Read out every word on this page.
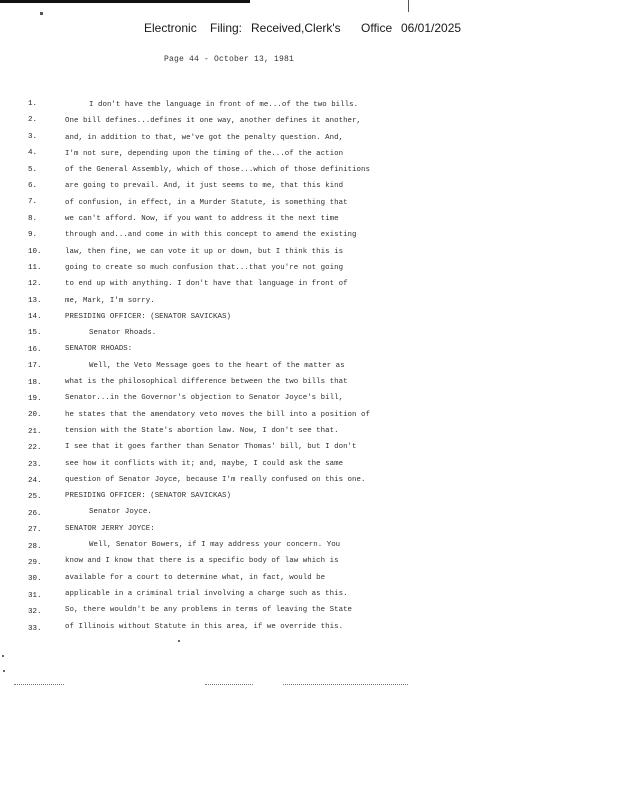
Electronic Filing: Received,Clerk's Office 06/01/2025
Page 44 - October 13, 1981
1.
2.
3.
4.
5.
6.
7.
8.
9.
10.
11.
12.
13.
14.
15.
16.
17.
18.
19.
20.
21.
22.
23.
24.
25.
26.
27.
28.
29.
30.
31.
32.
33.
I don't have the language in front of me...of the two bills.
One bill defines...defines it one way, another defines it another,
and, in addition to that, we've got the penalty question. And,
I'm not sure, depending upon the timing of the...of the action
of the General Assembly, which of those...which of those definitions
are going to prevail. And, it just seems to me, that this kind
of confusion, in effect, in a Murder Statute, is something that
we can't afford. Now, if you want to address it the next time
through and...and come in with this concept to amend the existing
law, then fine, we can vote it up or down, but I think this is
going to create so much confusion that...that you're not going
to end up with anything. I don't have that language in front of
me, Mark, I'm sorry.
PRESIDING OFFICER: (SENATOR SAVICKAS)
Senator Rhoads.
SENATOR RHOADS:
Well, the Veto Message goes to the heart of the matter as
what is the philosophical difference between the two bills that
Senator...in the Governor's objection to Senator Joyce's bill,
he states that the amendatory veto moves the bill into a position of
tension with the State's abortion law. Now, I don't see that.
I see that it goes farther than Senator Thomas' bill, but I don't
see how it conflicts with it; and, maybe, I could ask the same
question of Senator Joyce, because I'm really confused on this one.
PRESIDING OFFICER: (SENATOR SAVICKAS)
Senator Joyce.
SENATOR JERRY JOYCE:
Well, Senator Bowers, if I may address your concern. You
know and I know that there is a specific body of law which is
available for a court to determine what, in fact, would be
applicable in a criminal trial involving a charge such as this.
So, there wouldn't be any problems in terms of leaving the State
of Illinois without Statute in this area, if we override this.
